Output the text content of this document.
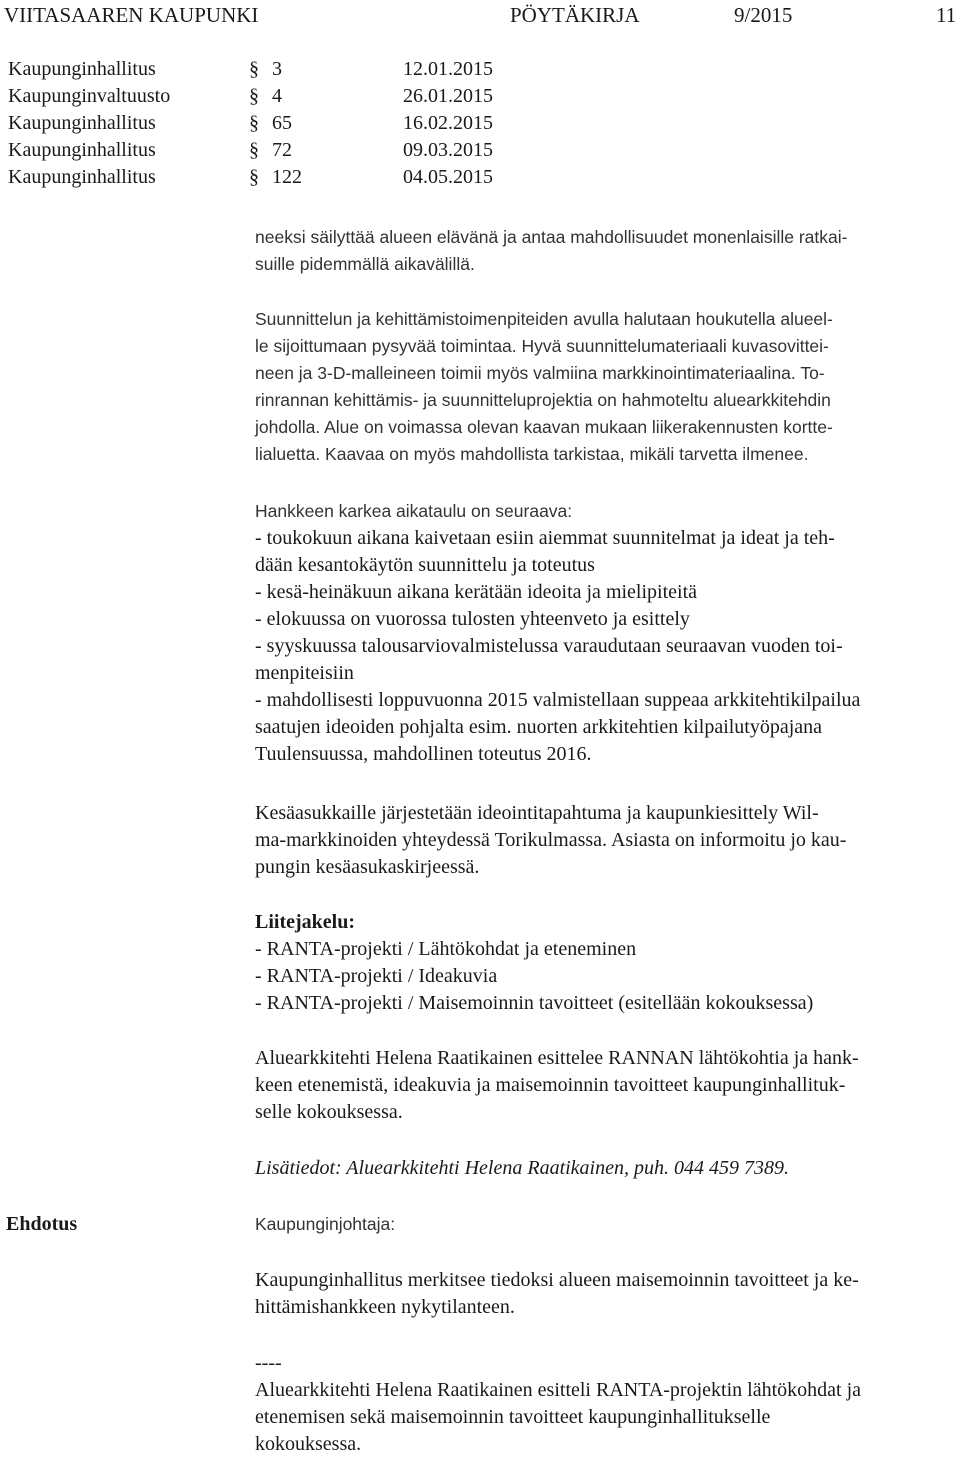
VIITASAAREN KAUPUNKI	PÖYTÄKIRJA	9/2015	11
Kaupunginhallitus	§ 3	12.01.2015
Kaupunginvaltuusto	§ 4	26.01.2015
Kaupunginhallitus	§ 65	16.02.2015
Kaupunginhallitus	§ 72	09.03.2015
Kaupunginhallitus	§ 122	04.05.2015
neeksi säilyttää alueen elävänä ja antaa mahdollisuudet monenlaisille ratkai-
suille pidemmällä aikavälillä.
Suunnittelun ja kehittämistoimenpiteiden avulla halutaan houkutella alueel-
le sijoittumaan pysyvää toimintaa. Hyvä suunnittelumateriaali kuvasovittei-
neen ja 3-D-malleineen toimii myös valmiina markkinointimateriaalina. To-
rinrannan kehittämis- ja suunnitteluprojektia on hahmoteltu aluearkkitehdin
johdolla. Alue on voimassa olevan kaavan mukaan liikerakennusten kortte-
lialuetta. Kaavaa on myös mahdollista tarkistaa, mikäli tarvetta ilmenee.
Hankkeen karkea aikataulu on seuraava:
- toukokuun aikana kaivetaan esiin aiemmat suunnitelmat ja ideat ja teh-
dään kesantokäytön suunnittelu ja toteutus
- kesä-heinäkuun aikana kerätään ideoita ja mielipiteitä
- elokuussa on vuorossa tulosten yhteenveto ja esittely
- syyskuussa talousarviovalmistelussa varaudutaan seuraavan vuoden toi-
menpiteisiin
- mahdollisesti loppuvuonna 2015 valmistellaan suppeaa arkkitehtikilpailua
saatujen ideoiden pohjalta esim. nuorten arkkitehtien kilpailutyöpajana
Tuulensuussa, mahdollinen toteutus 2016.
Kesäasukkaille järjestetään ideointitapahtuma ja kaupunkiesittely Wil-
ma-markkinoiden yhteydessä Torikulmassa. Asiasta on informoitu jo kau-
pungin kesäasukaskirjeessä.
Liitejakelu:
- RANTA-projekti / Lähtökohdat ja eteneminen
- RANTA-projekti / Ideakuvia
- RANTA-projekti / Maisemoinnin tavoitteet (esitellään kokouksessa)
Aluearkkitehti Helena Raatikainen esittelee RANNAN lähtökohtia ja hank-
keen etenemistä, ideakuvia ja maisemoinnin tavoitteet kaupunginhallituk-
selle kokouksessa.
Lisätiedot: Aluearkkitehti Helena Raatikainen, puh. 044 459 7389.
Ehdotus	Kaupunginjohtaja:
Kaupunginhallitus merkitsee tiedoksi alueen maisemoinnin tavoitteet ja ke-
hittämishankkeen nykytilanteen.
----
Aluearkkitehti Helena Raatikainen esitteli RANTA-projektin lähtökohdat ja
etenemisen sekä maisemoinnin tavoitteet kaupunginhallitukselle
kokouksessa.
